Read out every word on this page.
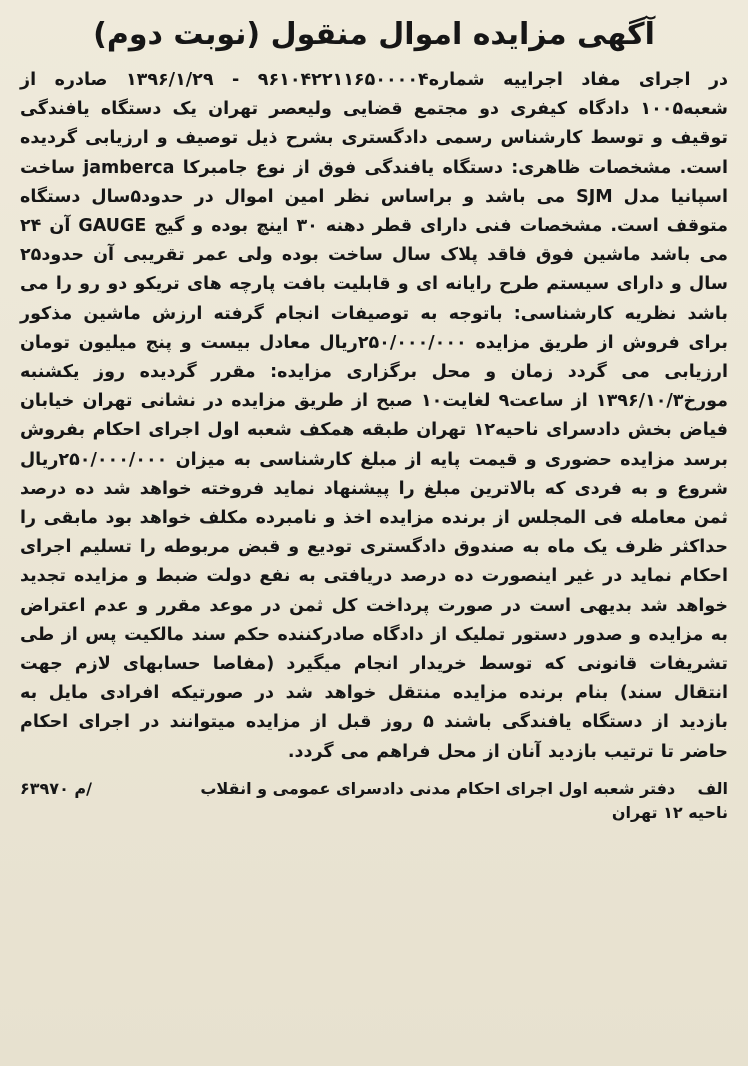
آگهی مزایده اموال منقول (نوبت دوم)

در اجرای مفاد اجراییه شماره۹۶۱۰۴۲۲۱۱۶۵۰۰۰۰۴ - ۱۳۹۶/۱/۲۹ صادره از شعبه۱۰۰۵ دادگاه کیفری دو مجتمع قضایی ولیعصر تهران یک دستگاه یافندگی توقیف و توسط کارشناس رسمی دادگستری بشرح ذیل توصیف و ارزیابی گردیده است. مشخصات ظاهری: دستگاه یافندگی فوق از نوع جامبرکا jamberca ساخت اسپانیا مدل SJM می باشد و براساس نظر امین اموال در حدود۵سال دستگاه متوقف است. مشخصات فنی دارای قطر دهنه ۳۰ اینچ بوده و گیج GAUGE آن ۲۴ می باشد ماشین فوق فاقد پلاک سال ساخت بوده ولی عمر تقریبی آن حدود۲۵ سال و دارای سیستم طرح رایانه ای و قابلیت بافت پارچه های تریکو دو رو را می باشد نظریه کارشناسی: باتوجه به توصیفات انجام گرفته ارزش ماشین مذکور برای فروش از طریق مزایده ۲۵۰/۰۰۰/۰۰۰ریال معادل بیست و پنج میلیون تومان ارزیابی می گردد زمان و محل برگزاری مزایده: مقرر گردیده روز یکشنبه مورخ۱۳۹۶/۱۰/۳ از ساعت۹ لغایت۱۰ صبح از طریق مزایده در نشانی تهران خیابان فیاض بخش دادسرای ناحیه۱۲ تهران طبقه همکف شعبه اول اجرای احکام بفروش برسد مزایده حضوری و قیمت پایه از مبلغ کارشناسی به میزان ۲۵۰/۰۰۰/۰۰۰ریال شروع و به فردی که بالاترین مبلغ را پیشنهاد نماید فروخته خواهد شد ده درصد ثمن معامله فی المجلس از برنده مزایده اخذ و نامبرده مکلف خواهد بود مابقی را حداکثر ظرف یک ماه به صندوق دادگستری تودیع و قبض مربوطه را تسلیم اجرای احکام نماید در غیر اینصورت ده درصد دریافتی به نفع دولت ضبط و مزایده تجدید خواهد شد بدیهی است در صورت پرداخت کل ثمن در موعد مقرر و عدم اعتراض به مزایده و صدور دستور تملیک از دادگاه صادرکننده حکم سند مالکیت پس از طی تشریفات قانونی که توسط خریدار انجام میگیرد (مفاصا حسابهای لازم جهت انتقال سند) بنام برنده مزایده منتقل خواهد شد در صورتیکه افرادی مایل به بازدید از دستگاه یافندگی باشند ۵ روز قبل از مزایده میتوانند در اجرای احکام حاضر تا ترتیب بازدید آنان از محل فراهم می گردد.

الف    دفتر شعبه اول اجرای احکام مدنی دادسرای عمومی و انقلاب
۶۳۹۷۰ م/
ناحیه ۱۲ تهران
